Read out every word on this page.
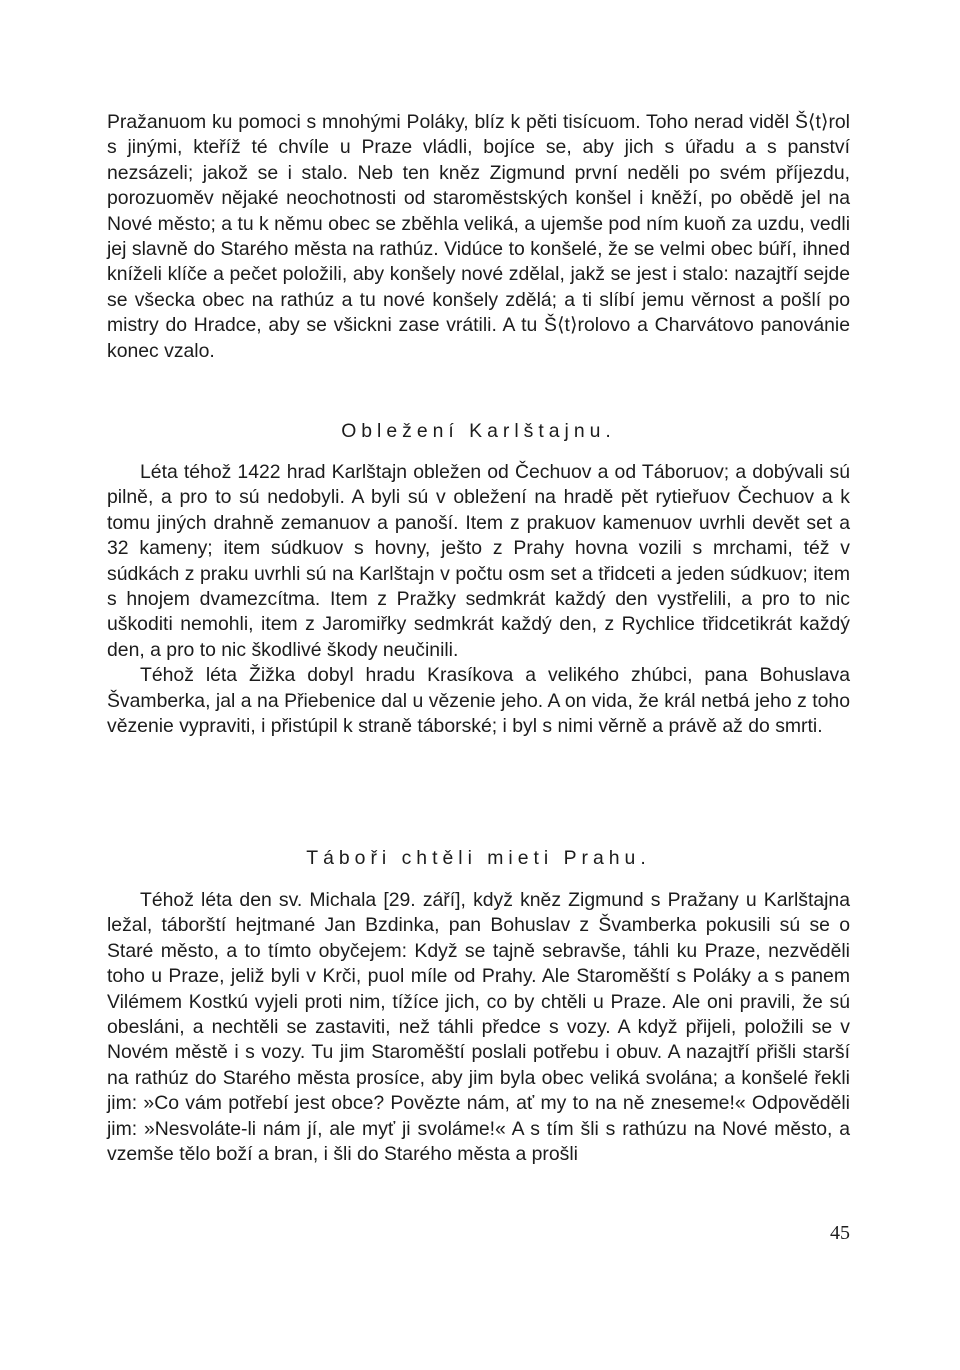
Pražanuom ku pomoci s mnohými Poláky, blíz k pěti tisícuom. Toho nerad viděl Š⟨t⟩rol s jinými, kteříž té chvíle u Praze vládli, bojíce se, aby jich s úřadu a s panství nezsázeli; jakož se i stalo. Neb ten kněz Zigmund první neděli po svém příjezdu, porozuoměv nějaké neochotnosti od staroměstských konšel i kněží, po obědě jel na Nové město; a tu k němu obec se zběhla veliká, a ujemše pod ním kuoň za uzdu, vedli jej slavně do Starého města na rathúz. Vidúce to konšelé, že se velmi obec búří, ihned kníželi klíče a pečet položili, aby konšely nové zdělal, jakž se jest i stalo: nazajtří sejde se všecka obec na rathúz a tu nové konšely zdělá; a ti slíbí jemu věrnost a pošlí po mistry do Hradce, aby se všickni zase vrátili. A tu Š⟨t⟩rolovo a Charvátovo panovánie konec vzalo.

Obležení Karlštajnu.

Léta téhož 1422 hrad Karlštajn obležen od Čechuov a od Táboruov; a dobývali sú pilně, a pro to sú nedobyli. A byli sú v obležení na hradě pět rytieřuov Čechuov a k tomu jiných drahně zemanuov a panoší. Item z prakuov kamenuov uvrhli devět set a 32 kameny; item súdkuov s hovny, ješto z Prahy hovna vozili s mrchami, též v súdkách z praku uvrhli sú na Karlštajn v počtu osm set a třidceti a jeden súdkuov; item s hnojem dvamezcítma. Item z Pražky sedmkrát každý den vystřelili, a pro to nic uškoditi nemohli, item z Jaromiřky sedmkrát každý den, z Rychlice třidcetikrát každý den, a pro to nic škodlivé škody neučinili.

Téhož léta Žižka dobyl hradu Krasíkova a velikého zhúbci, pana Bohuslava Švamberka, jal a na Přiebenice dal u vězenie jeho. A on vida, že král netbá jeho z toho vězenie vypraviti, i přistúpil k straně táborské; i byl s nimi věrně a právě až do smrti.

Táboři chtěli mieti Prahu.

Téhož léta den sv. Michala [29. září], když kněz Zigmund s Pražany u Karlštajna ležal, táborští hejtmané Jan Bzdinka, pan Bohuslav z Švamberka pokusili sú se o Staré město, a to tímto obyčejem: Když se tajně sebravše, táhli ku Praze, nezvěděli toho u Praze, jeliž byli v Krči, puol míle od Prahy. Ale Staroměští s Poláky a s panem Vilémem Kostkú vyjeli proti nim, tížíce jich, co by chtěli u Praze. Ale oni pravili, že sú obesláni, a nechtěli se zastaviti, než táhli předce s vozy. A když přijeli, položili se v Novém městě i s vozy. Tu jim Staroměští poslali potřebu i obuv. A nazajtří přišli starší na rathúz do Starého města prosíce, aby jim byla obec veliká svolána; a konšelé řekli jim: »Co vám potřebí jest obce? Povězte nám, ať my to na ně zneseme!« Odpověděli jim: »Nesvoláte-li nám jí, ale myť ji svoláme!« A s tím šli s rathúzu na Nové město, a vzemše tělo boží a bran, i šli do Starého města a prošli

45
